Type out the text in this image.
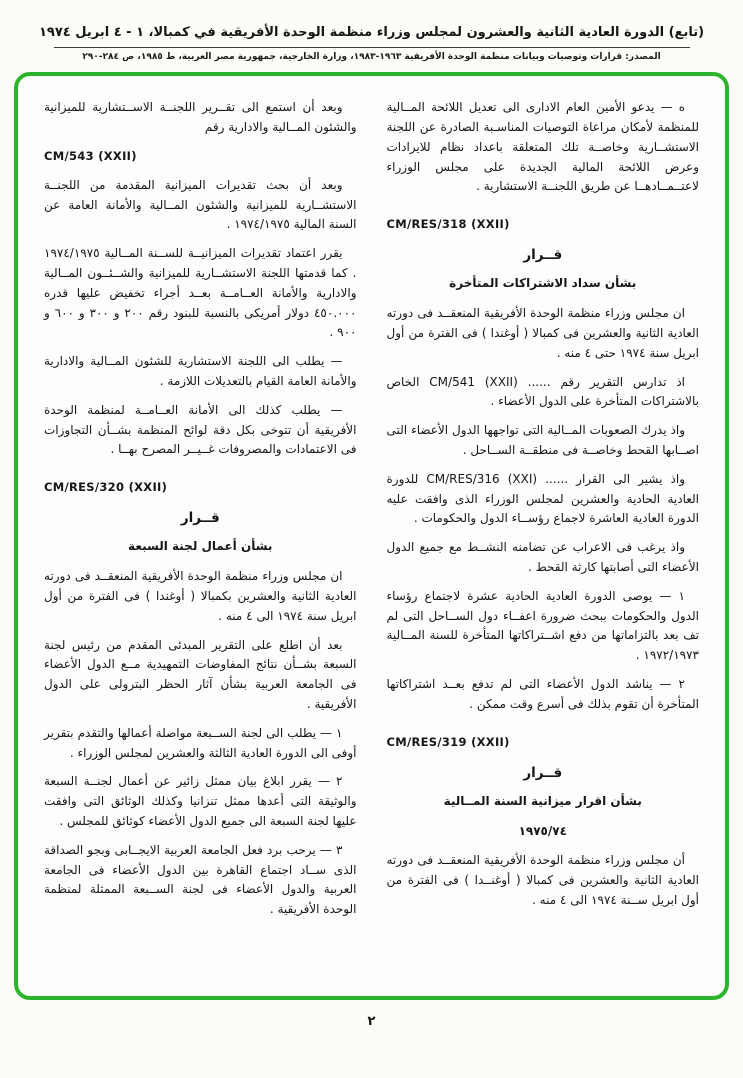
(تابع) الدورة العادية الثانية والعشرون لمجلس وزراء منظمة الوحدة الأفريقية في كمبالا، ١ - ٤ ابريل ١٩٧٤
المصدر: قرارات وتوصيات وبيانات منظمة الوحدة الأفريقية ١٩٦٣-١٩٨٣، وزارة الخارجية، جمهورية مصر العربية، ط ١٩٨٥، ص ٢٨٤-٢٩٠
ه — يدعو الأمين العام الادارى الى تعديل اللائحة المــالية للمنظمة لأمكان مراعاة التوصيات المناسـبة الصادرة عن اللجنة الاستشــارية وخاصــة تلك المتعلقة باعداد نظام للايرادات وعرض اللائحة المالية الجديدة على مجلس الوزراء لاعتــمــادهــا عن طريق اللجنــة الاستشارية .
CM/RES/318 (XXII)
قــرار
بشأن سداد الاشتراكات المتأخرة
ان مجلس وزراء منظمة الوحدة الأفريقية المنعقــد فى دورته العادية الثانية والعشرين فى كمبالا ( أوغندا ) فى الفترة من أول ابريل سنة ١٩٧٤ حتى ٤ منه .
اذ تدارس التقرير رقم ...... ‎CM/541 (XXII)‎ الخاص بالاشتراكات المتأخرة على الدول الأعضاء .
واذ يدرك الصعوبات المــالية التى تواجهها الدول الأعضاء التى اصــابها القحط وخاصــة فى منطقــة الســاحل .
واذ يشير الى القرار ...... ‎CM/RES/316 (XXI)‎ للدورة العادية الحادية والعشرين لمجلس الوزراء الذى وافقت عليه الدورة العادية العاشرة لاجماع رؤســاء الدول والحكومات .
واذ يرغب فى الاعراب عن تضامنه النشــط مع جميع الدول الأعضاء التى أصابتها كارثة القحط .
١ — يوصى الدورة العادية الحادية عشرة لاجتماع رؤساء الدول والحكومات ببحث ضرورة اعفــاء دول الســاحل التى لم تف بعد بالتزاماتها من دفع اشــتراكاتها المتأخرة للسنة المــالية ١٩٧٢/١٩٧٣ .
٢ — يناشد الدول الأعضاء التى لم تدفع بعــد اشتراكاتها المتأخرة أن تقوم بذلك فى أسرع وقت ممكن .
CM/RES/319 (XXII)
قــرار
بشأن اقرار ميزانية السنة المــالية
١٩٧٥/٧٤
أن مجلس وزراء منظمة الوحدة الأفريقية المنعقــد فى دورته العادية الثانية والعشرين فى كمبالا ( أوغنــدا ) فى الفترة من أول ابريل ســنة ١٩٧٤ الى ٤ منه .
وبعد أن استمع الى تقــرير اللجنــة الاســتشارية للميزانية والشئون المــالية والادارية رقم
CM/543 (XXII)
وبعد أن بحث تقديرات الميزانية المقدمة من اللجنــة الاستشــارية للميزانية والشئون المــالية والأمانة العامة عن السنة المالية ١٩٧٤/١٩٧٥ .
يقرر اعتماد تقديرات الميزانيــة للســنة المــالية ١٩٧٤/١٩٧٥ . كما قدمتها اللجنة الاستشــارية للميزانية والشــئــون المــالية والادارية والأمانة العــامــة بعــد أجراء تخفيض عليها قدره ٤٥٠.٠٠٠ دولار أمريكى بالنسبة للبنود رقم ٢٠٠ و ٣٠٠ و ٦٠٠ و ٩٠٠ .
— يطلب الى اللجنة الاستشارية للشئون المــالية والادارية والأمانة العامة القيام بالتعديلات اللازمة .
— يطلب كذلك الى الأمانة العــامــة لمنظمة الوحدة الأفريقية أن تتوخى بكل دقة لوائح المنظمة بشــأن التجاوزات فى الاعتمادات والمصروفات غــيــر المصرح بهــا .
CM/RES/320 (XXII)
قــرار
بشأن أعمال لجنة السبعة
ان مجلس وزراء منظمة الوحدة الأفريقية المنعقــد فى دورته العادية الثانية والعشرين بكمبالا ( أوغندا ) فى الفترة من أول ابريل سنة ١٩٧٤ الى ٤ منه .
بعد أن اطلع على التقرير المبدئى المقدم من رئيس لجنة السبعة بشــأن نتائج المفاوضات التمهيدية مــع الدول الأعضاء فى الجامعة العربية بشأن آثار الحظر البترولى على الدول الأفريقية .
١ — يطلب الى لجنة الســبعة مواصلة أعمالها والتقدم بتقرير أوفى الى الدورة العادية الثالثة والعشرين لمجلس الوزراء .
٢ — يقرر ابلاغ بيان ممثل زائير عن أعمال لجنــة السبعة والوثيقة التى أعدها ممثل تنزانيا وكذلك الوثائق التى وافقت عليها لجنة السبعة الى جميع الدول الأعضاء كوثائق للمجلس .
٣ — يرحب برد فعل الجامعة العربية الايجــابى وبجو الصداقة الذى ســاد اجتماع القاهرة بين الدول الأعضاء فى الجامعة العربية والدول الأعضاء فى لجنة الســبعة الممثلة لمنظمة الوحدة الأفريقية .
٢
